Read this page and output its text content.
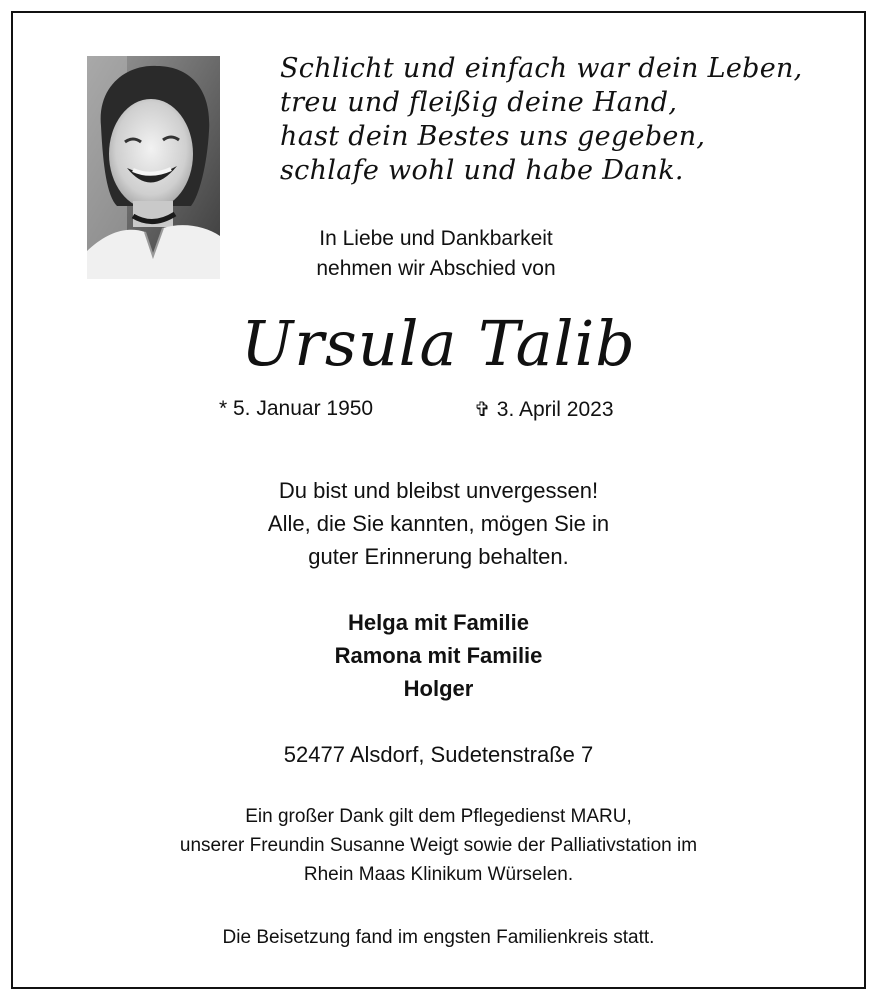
Schlicht und einfach war dein Leben,
treu und fleißig deine Hand,
hast dein Bestes uns gegeben,
schlafe wohl und habe Dank.
In Liebe und Dankbarkeit
nehmen wir Abschied von
Ursula Talib
* 5. Januar 1950	✞ 3. April 2023
Du bist und bleibst unvergessen!
Alle, die Sie kannten, mögen Sie in
guter Erinnerung behalten.
Helga mit Familie
Ramona mit Familie
Holger
52477 Alsdorf, Sudetenstraße 7
Ein großer Dank gilt dem Pflegedienst MARU,
unserer Freundin Susanne Weigt sowie der Palliativstation im
Rhein Maas Klinikum Würselen.
Die Beisetzung fand im engsten Familienkreis statt.
